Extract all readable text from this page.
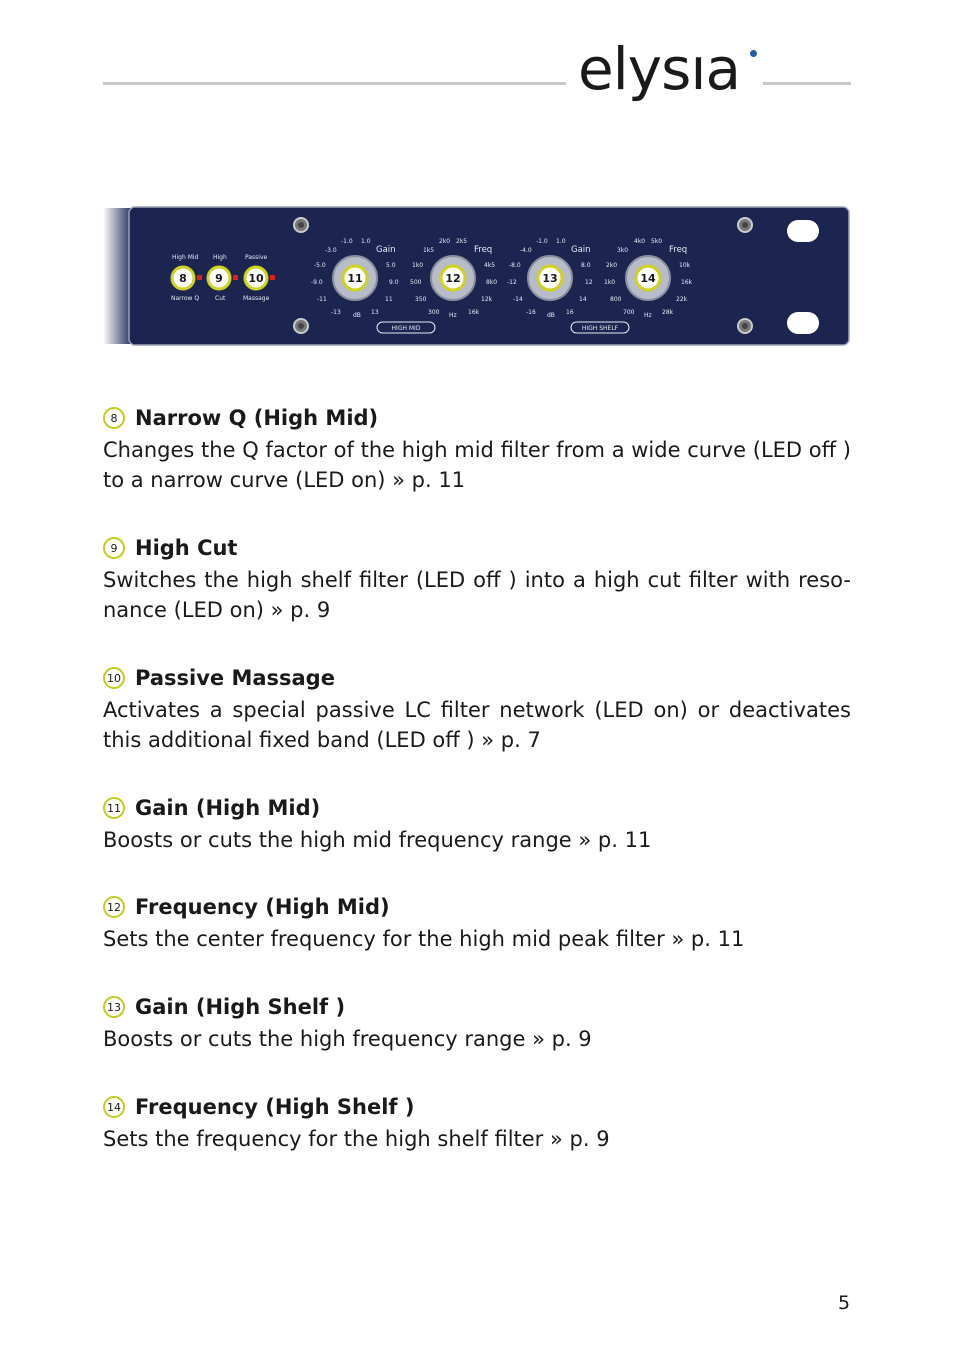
elysıa
High Mid
8
Narrow Q
High
9
Cut
Passive
10
Massage
11
Gain
dB
-1.0 1.0
-3.0
5.0
-5.0
9.0
-9.0
11
-11
13
-13
12
Freq
Hz
2k0 2k5
1k5
1k0	4k5
500	8k0
350	12k
300	16k
13
Gain
dB
-1.0 1.0
-4.0
8.0
-8.0
12
-12
14
-14
16
-16
14
Freq
Hz
4k0 5k0
3k0
2k0	10k
1k0	16k
800	22k
700	28k
HIGH MID	HIGH SHELF
8 Narrow Q (High Mid)
Changes the Q factor of the high mid filter from a wide curve (LED off ) to a narrow curve (LED on) » p. 11
9 High Cut
Switches the high shelf filter (LED off ) into a high cut filter with reso-nance (LED on) » p. 9
10 Passive Massage
Activates a special passive LC filter network (LED on) or deactivates this additional fixed band (LED off ) » p. 7
11 Gain (High Mid)
Boosts or cuts the high mid frequency range » p. 11
12 Frequency (High Mid)
Sets the center frequency for the high mid peak filter » p. 11
13 Gain (High Shelf )
Boosts or cuts the high frequency range » p. 9
14 Frequency (High Shelf )
Sets the frequency for the high shelf filter » p. 9
5
